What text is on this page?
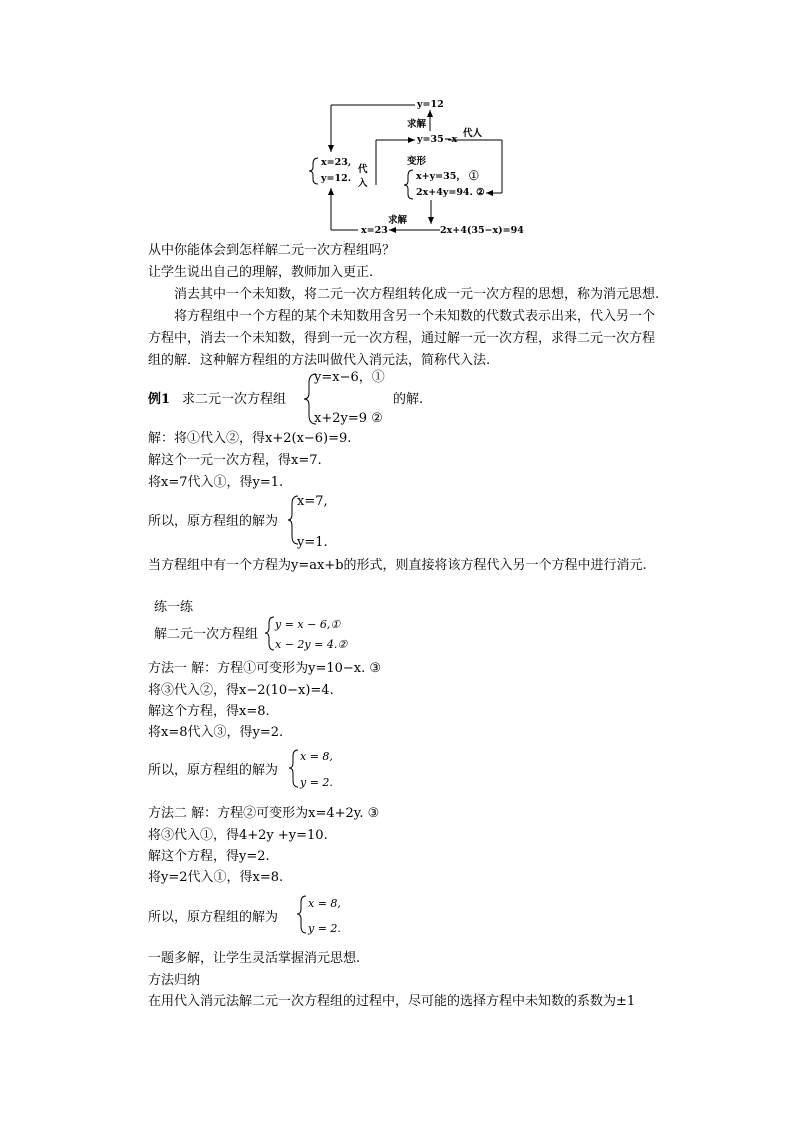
y=12
求解
y=35−x
代人
变形
x+y=35， ①
2x+4y=94. ②
x=23,
y=12.
代
入
x=23
求解
2x+4(35−x)=94
从中你能体会到怎样解二元一次方程组吗？
让学生说出自己的理解，教师加入更正.
消去其中一个未知数，将二元一次方程组转化成一元一次方程的思想，称为消元思想.
将方程组中一个方程的某个未知数用含另一个未知数的代数式表示出来，代入另一个
方程中，消去一个未知数，得到一元一次方程，通过解一元一次方程，求得二元一次方程
组的解．这种解方程组的方法叫做代入消元法，简称代入法.
例1 求二元一次方程组
y=x−6，①
x+2y=9 ②
的解.
解：将①代入②，得x+2(x−6)=9.
解这个一元一次方程，得x=7.
将x=7代入①，得y=1.
所以，原方程组的解为
x=7,
y=1.
当方程组中有一个方程为y=ax+b的形式，则直接将该方程代入另一个方程中进行消元.
练一练
解二元一次方程组
y = x − 6,①
x − 2y = 4.②
方法一 解：方程①可变形为y=10−x. ③
将③代入②，得x−2(10−x)=4.
解这个方程，得x=8.
将x=8代入③，得y=2.
所以，原方程组的解为
x = 8,
y = 2.
方法二 解：方程②可变形为x=4+2y. ③
将③代入①，得4+2y +y=10.
解这个方程，得y=2.
将y=2代入①，得x=8.
所以，原方程组的解为
x = 8,
y = 2.
一题多解，让学生灵活掌握消元思想.
方法归纳
在用代入消元法解二元一次方程组的过程中，尽可能的选择方程中未知数的系数为±1
